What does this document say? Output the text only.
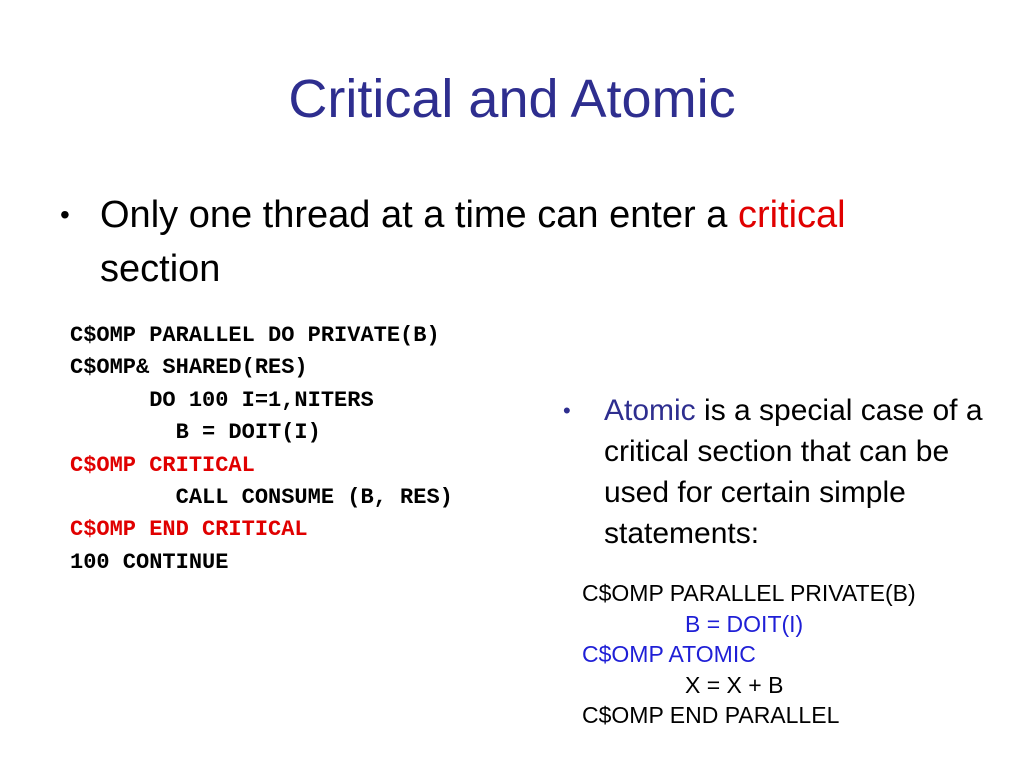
Critical and Atomic
• Only one thread at a time can enter a critical section
C$OMP PARALLEL DO PRIVATE(B)
C$OMP& SHARED(RES)
DO 100 I=1,NITERS
B = DOIT(I)
C$OMP CRITICAL
CALL CONSUME (B, RES)
C$OMP END CRITICAL
100 CONTINUE
• Atomic is a special case of a critical section that can be used for certain simple statements:
C$OMP PARALLEL PRIVATE(B)
B = DOIT(I)
C$OMP ATOMIC
X = X + B
C$OMP END PARALLEL
